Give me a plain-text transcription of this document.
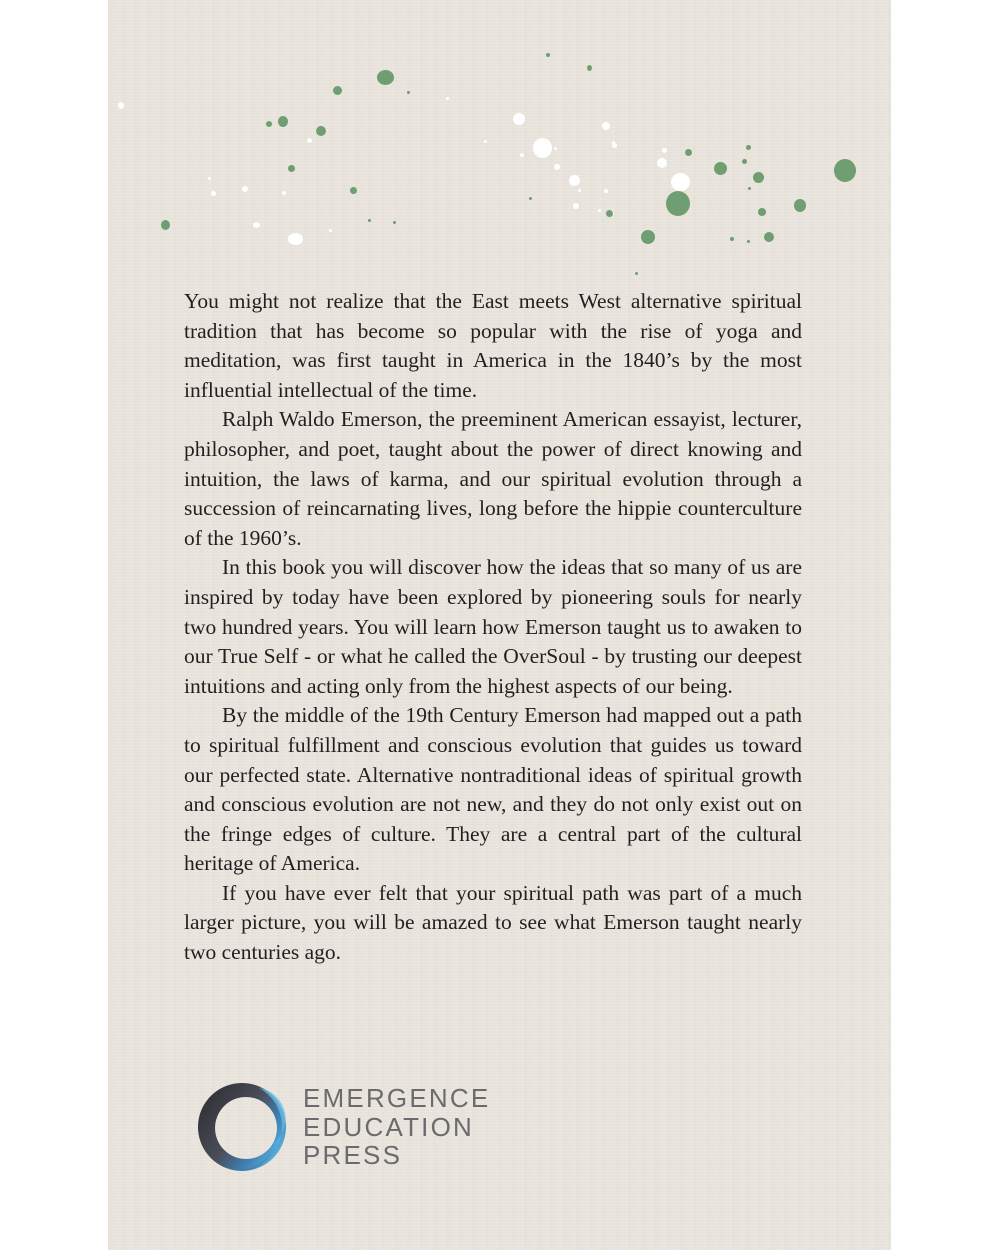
You might not realize that the East meets West alternative spiritual tradition that has become so popular with the rise of yoga and meditation, was first taught in America in the 1840’s by the most influential intellectual of the time.

Ralph Waldo Emerson, the preeminent American essayist, lecturer, philosopher, and poet, taught about the power of direct knowing and intuition, the laws of karma, and our spiritual evolution through a succession of reincarnating lives, long before the hippie counterculture of the 1960’s.

In this book you will discover how the ideas that so many of us are inspired by today have been explored by pioneering souls for nearly two hundred years. You will learn how Emerson taught us to awaken to our True Self - or what he called the OverSoul - by trusting our deepest intuitions and acting only from the highest aspects of our being.

By the middle of the 19th Century Emerson had mapped out a path to spiritual fulfillment and conscious evolution that guides us toward our perfected state. Alternative nontraditional ideas of spiritual growth and conscious evolution are not new, and they do not only exist out on the fringe edges of culture. They are a central part of the cultural heritage of America.

If you have ever felt that your spiritual path was part of a much larger picture, you will be amazed to see what Emerson taught nearly two centuries ago.

EMERGENCE
EDUCATION
PRESS
